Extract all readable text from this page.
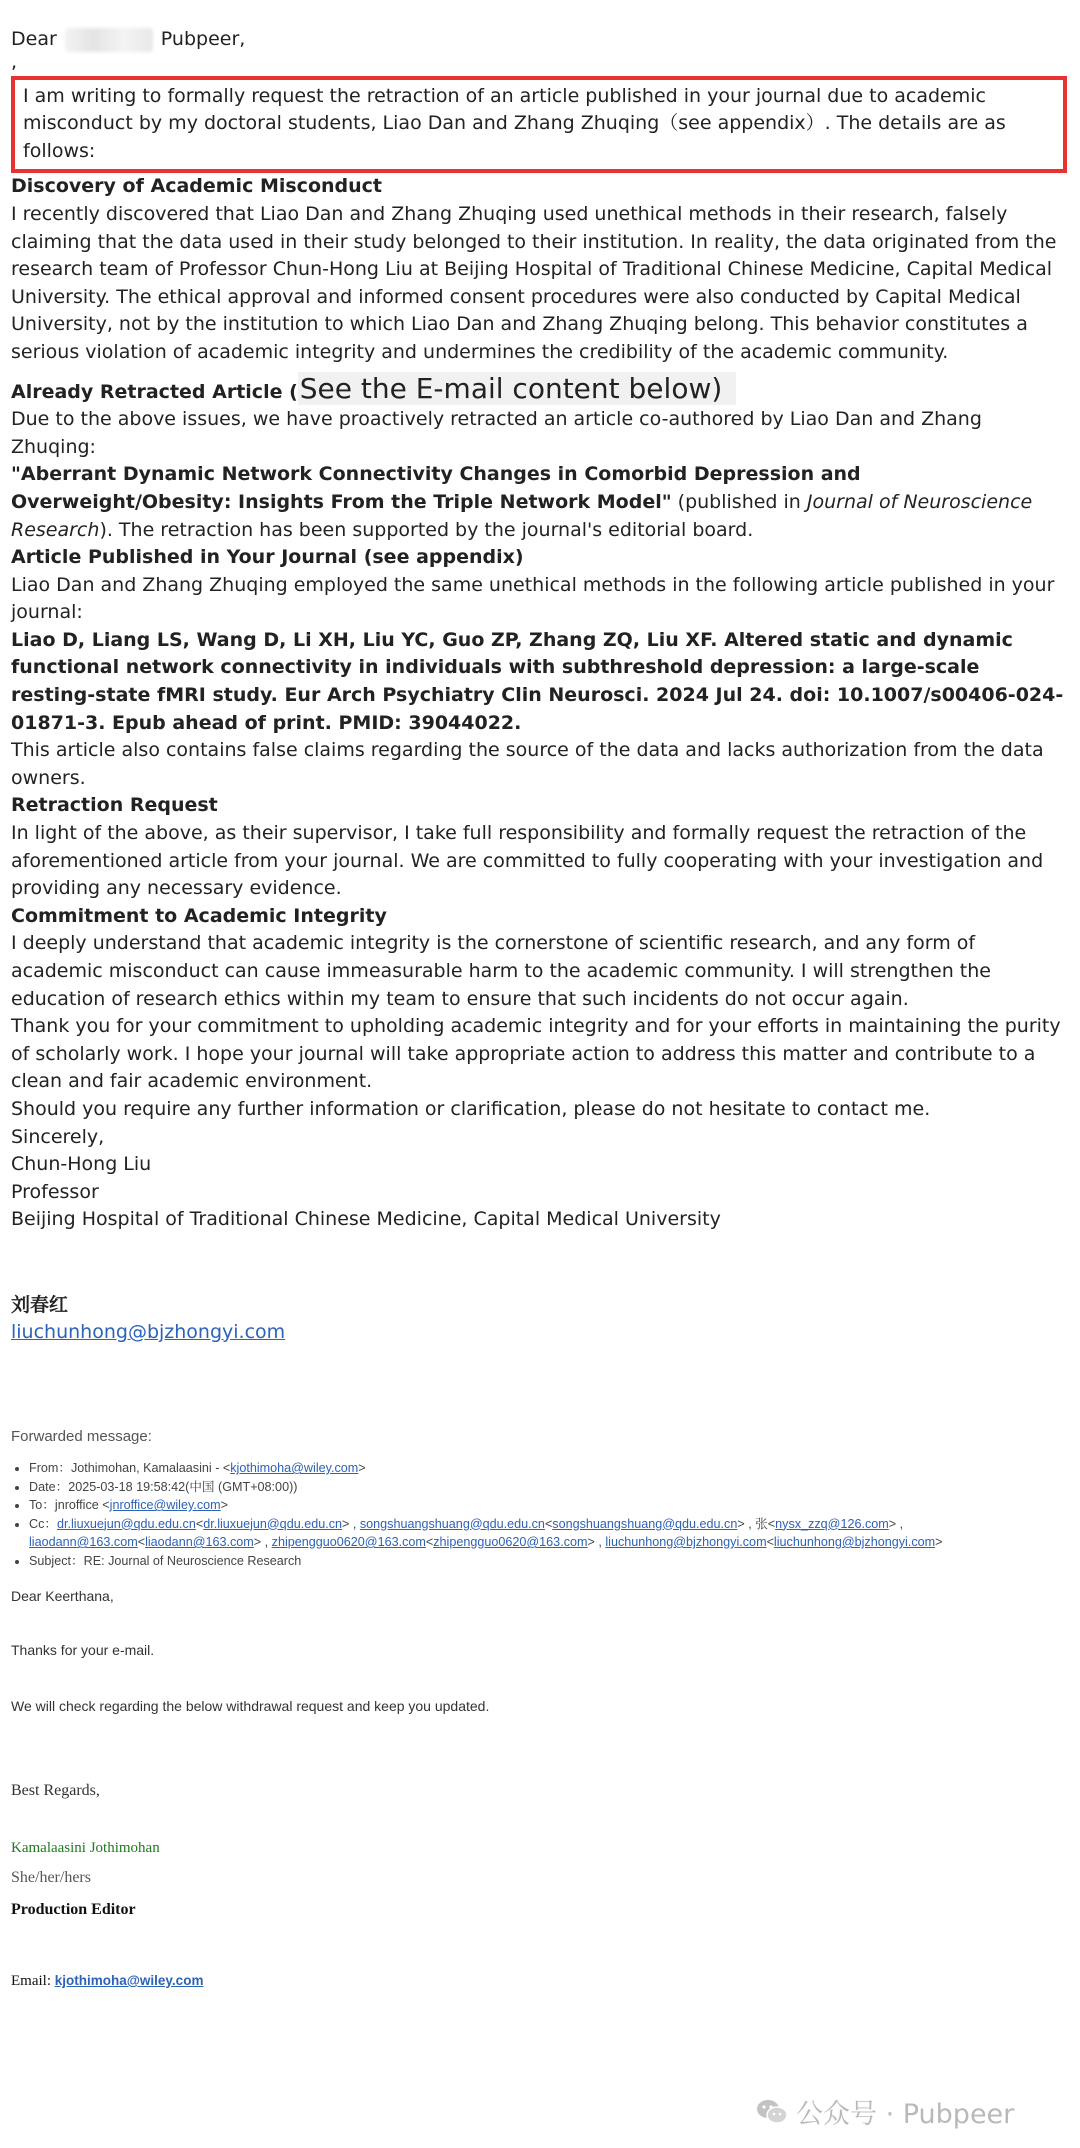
Dear	Pubpeer,
,

I am writing to formally request the retraction of an article published in your journal due to academic misconduct by my doctoral students, Liao Dan and Zhang Zhuqing（see appendix）. The details are as follows:

Discovery of Academic Misconduct

I recently discovered that Liao Dan and Zhang Zhuqing used unethical methods in their research, falsely claiming that the data used in their study belonged to their institution. In reality, the data originated from the research team of Professor Chun-Hong Liu at Beijing Hospital of Traditional Chinese Medicine, Capital Medical University. The ethical approval and informed consent procedures were also conducted by Capital Medical University, not by the institution to which Liao Dan and Zhang Zhuqing belong. This behavior constitutes a serious violation of academic integrity and undermines the credibility of the academic community.

Already Retracted Article (See the E-mail content below)

Due to the above issues, we have proactively retracted an article co-authored by Liao Dan and Zhang Zhuqing:

"Aberrant Dynamic Network Connectivity Changes in Comorbid Depression and Overweight/Obesity: Insights From the Triple Network Model" (published in Journal of Neuroscience Research). The retraction has been supported by the journal's editorial board.

Article Published in Your Journal (see appendix)

Liao Dan and Zhang Zhuqing employed the same unethical methods in the following article published in your journal:

Liao D, Liang LS, Wang D, Li XH, Liu YC, Guo ZP, Zhang ZQ, Liu XF. Altered static and dynamic functional network connectivity in individuals with subthreshold depression: a large-scale resting-state fMRI study. Eur Arch Psychiatry Clin Neurosci. 2024 Jul 24. doi: 10.1007/s00406-024-01871-3. Epub ahead of print. PMID: 39044022.

This article also contains false claims regarding the source of the data and lacks authorization from the data owners.

Retraction Request

In light of the above, as their supervisor, I take full responsibility and formally request the retraction of the aforementioned article from your journal. We are committed to fully cooperating with your investigation and providing any necessary evidence.

Commitment to Academic Integrity

I deeply understand that academic integrity is the cornerstone of scientific research, and any form of academic misconduct can cause immeasurable harm to the academic community. I will strengthen the education of research ethics within my team to ensure that such incidents do not occur again.

Thank you for your commitment to upholding academic integrity and for your efforts in maintaining the purity of scholarly work. I hope your journal will take appropriate action to address this matter and contribute to a clean and fair academic environment.

Should you require any further information or clarification, please do not hesitate to contact me.

Sincerely,

Chun-Hong Liu

Professor

Beijing Hospital of Traditional Chinese Medicine, Capital Medical University

刘春红
liuchunhong@bjzhongyi.com
Forwarded message:
• From：Jothimohan, Kamalaasini - <kjothimoha@wiley.com>
• Date：2025-03-18 19:58:42(中国 (GMT+08:00))
• To：jnroffice <jnroffice@wiley.com>
• Cc：dr.liuxuejun@qdu.edu.cn<dr.liuxuejun@qdu.edu.cn> , songshuangshuang@qdu.edu.cn<songshuangshuang@qdu.edu.cn> , 张<nysx_zzq@126.com> ,
liaodann@163.com<liaodann@163.com> , zhipengguo0620@163.com<zhipengguo0620@163.com> , liuchunhong@bjzhongyi.com<liuchunhong@bjzhongyi.com>
• Subject：RE: Journal of Neuroscience Research
Dear Keerthana,
Thanks for your e-mail.
We will check regarding the below withdrawal request and keep you updated.
Best Regards,
Kamalaasini Jothimohan
She/her/hers
Production Editor
Email: kjothimoha@wiley.com
公众号 · Pubpeer
